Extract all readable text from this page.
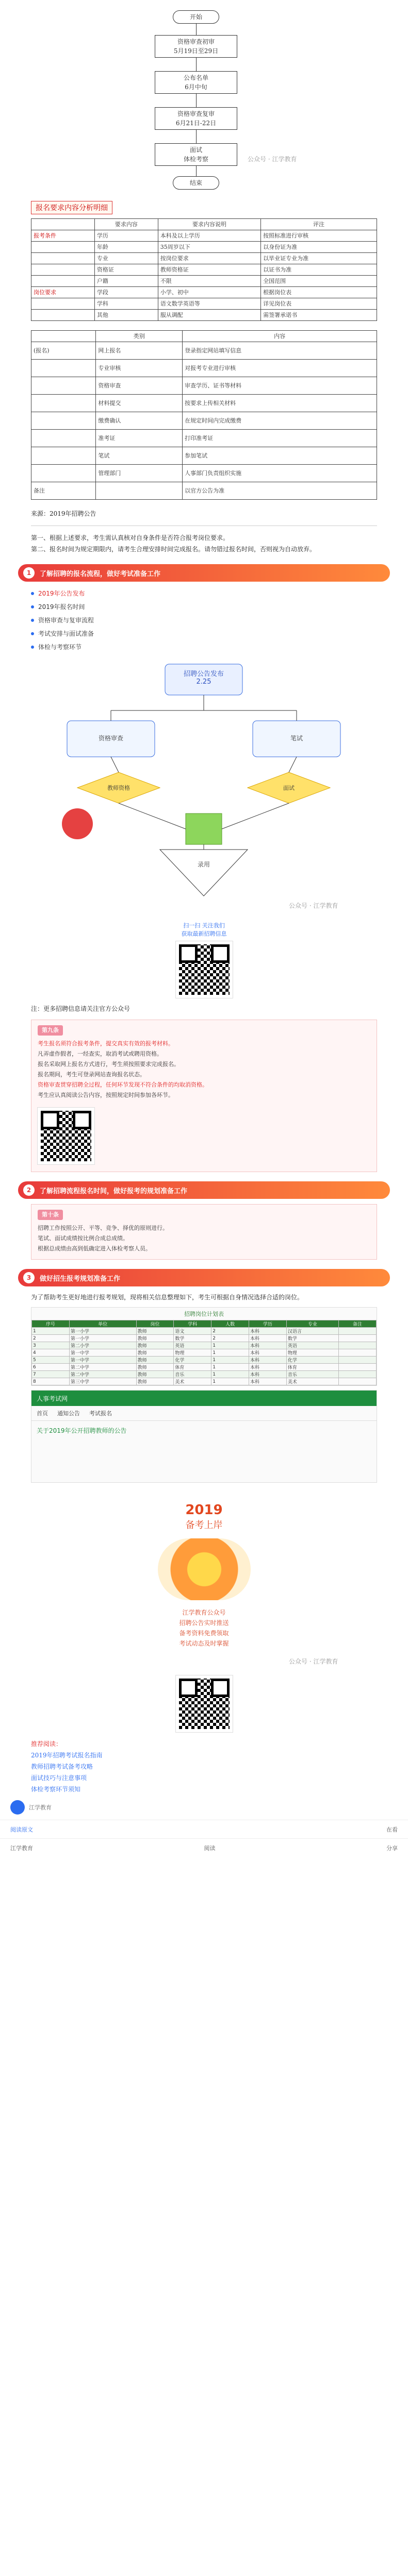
开始
资格审查初审
5月19日至29日
公布名单
6月中旬
资格审查复审
6月21日-22日
面试
体检考察
结束
公众号 · 江学教育
报名要求内容分析明细
	要求内容	要求内容说明	评注
报考条件	学历	本科及以上学历	按照标准进行审核
	年龄	35周岁以下	以身份证为准
	专业	按岗位要求	以毕业证专业为准
	资格证	教师资格证	以证书为准
	户籍	不限	全国范围
岗位要求	学段	小学、初中	根据岗位表
	学科	语文数学英语等	详见岗位表
	其他	服从调配	需签署承诺书
	类别	内容
(报名)	网上报名	登录指定网站填写信息
	专业审核	对报考专业进行审核
	资格审查	审查学历、证书等材料
	材料提交	按要求上传相关材料
	缴费确认	在规定时间内完成缴费
	准考证	打印准考证
	笔试	参加笔试
	管理部门	人事部门负责组织实施
备注		以官方公告为准
来源：2019年招聘公告
第一、根据上述要求，考生需认真核对自身条件是否符合报考岗位要求。
第二、报名时间为规定期限内，请考生合理安排时间完成报名。请勿错过报名时间，否则视为自动放弃。
1	了解招聘的报名流程，做好考试准备工作
2019年公告发布
2019年报名时间
资格审查与复审流程
考试安排与面试准备
体检与考察环节
招聘公告发布
2.25
资格审查	笔试
教师资格	面试
录用
公众号 · 江学教育
扫一扫 关注我们
获取最新招聘信息
注：更多招聘信息请关注官方公众号
第九条
考生报名须符合报考条件，提交真实有效的报考材料。
凡弄虚作假者，一经查实，取消考试或聘用资格。
报名采取网上报名方式进行，考生须按照要求完成报名。
报名期间，考生可登录网站查询报名状态。
资格审查贯穿招聘全过程，任何环节发现不符合条件的均取消资格。
考生应认真阅读公告内容，按照规定时间参加各环节。
2	了解招聘流程报名时间，做好报考的规划准备工作
第十条
招聘工作按照公开、平等、竞争、择优的原则进行。
笔试、面试成绩按比例合成总成绩。
根据总成绩由高到低确定进入体检考察人员。
3	做好招生报考规划准备工作
为了帮助考生更好地进行报考规划，现将相关信息整理如下，考生可根据自身情况选择合适的岗位。
招聘岗位计划表
序号	单位	岗位	学科	人数	学历	专业	备注
1	第一小学	教师	语文	2	本科	汉语言	
2	第一小学	教师	数学	2	本科	数学	
3	第二小学	教师	英语	1	本科	英语	
4	第一中学	教师	物理	1	本科	物理	
5	第一中学	教师	化学	1	本科	化学	
6	第二中学	教师	体育	1	本科	体育	
7	第二中学	教师	音乐	1	本科	音乐	
8	第三中学	教师	美术	1	本科	美术	
人事考试网
首页 通知公告 考试报名
关于2019年公开招聘教师的公告
2019
备考上岸
江学教育公众号
招聘公告实时推送
备考资料免费领取
考试动态及时掌握
公众号 · 江学教育
推荐阅读：
2019年招聘考试报名指南
教师招聘考试备考攻略
面试技巧与注意事项
体检考察环节须知
江学教育
阅读原文	在看
江学教育	阅读	分享
